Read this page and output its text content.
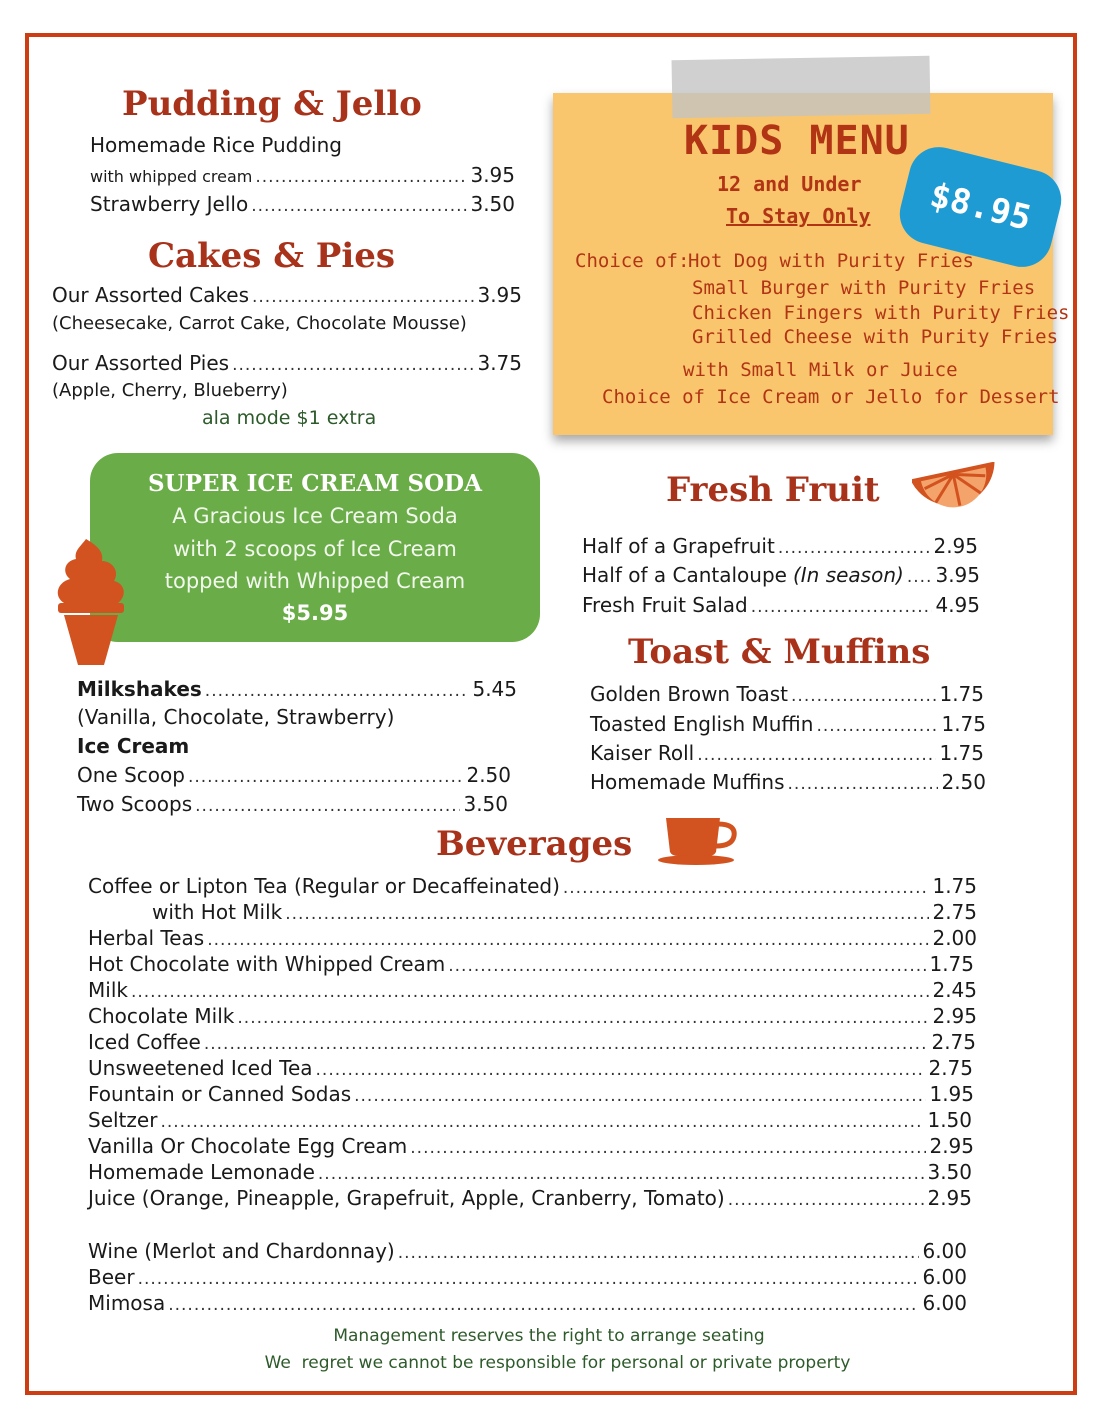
Pudding & Jello
Homemade Rice Pudding
with whipped cream .....	3.95
Strawberry Jello .....	3.50
Cakes & Pies
Our Assorted Cakes .....	3.95
(Cheesecake, Carrot Cake, Chocolate Mousse)
Our Assorted Pies .....	3.75
(Apple, Cherry, Blueberry)
ala mode $1 extra
KIDS MENU
12 and Under
To Stay Only	$8.95
Choice of:
Hot Dog with Purity Fries
Small Burger with Purity Fries
Chicken Fingers with Purity Fries
Grilled Cheese with Purity Fries
with Small Milk or Juice
Choice of Ice Cream or Jello for Dessert
SUPER ICE CREAM SODA
A Gracious Ice Cream Soda
with 2 scoops of Ice Cream
topped with Whipped Cream
$5.95
Milkshakes .....	5.45
(Vanilla, Chocolate, Strawberry)
Ice Cream
One Scoop .....	2.50
Two Scoops .....	3.50
Fresh Fruit
Half of a Grapefruit .....	2.95
Half of a Cantaloupe (In season) ..... 3.95
Fresh Fruit Salad .....	4.95
Toast & Muffins
Golden Brown Toast .....	1.75
Toasted English Muffin .....	1.75
Kaiser Roll .....	1.75
Homemade Muffins .....	2.50
Beverages
Coffee or Lipton Tea (Regular or Decaffeinated) .....	1.75
with Hot Milk .....	2.75
Herbal Teas .....	2.00
Hot Chocolate with Whipped Cream .....	1.75
Milk .....	2.45
Chocolate Milk .....	2.95
Iced Coffee .....	2.75
Unsweetened Iced Tea .....	2.75
Fountain or Canned Sodas .....	1.95
Seltzer .....	1.50
Vanilla Or Chocolate Egg Cream .....	2.95
Homemade Lemonade .....	3.50
Juice (Orange, Pineapple, Grapefruit, Apple, Cranberry, Tomato) .....	2.95
Wine (Merlot and Chardonnay) .....	6.00
Beer .....	6.00
Mimosa .....	6.00
Management reserves the right to arrange seating
We  regret we cannot be responsible for personal or private property
